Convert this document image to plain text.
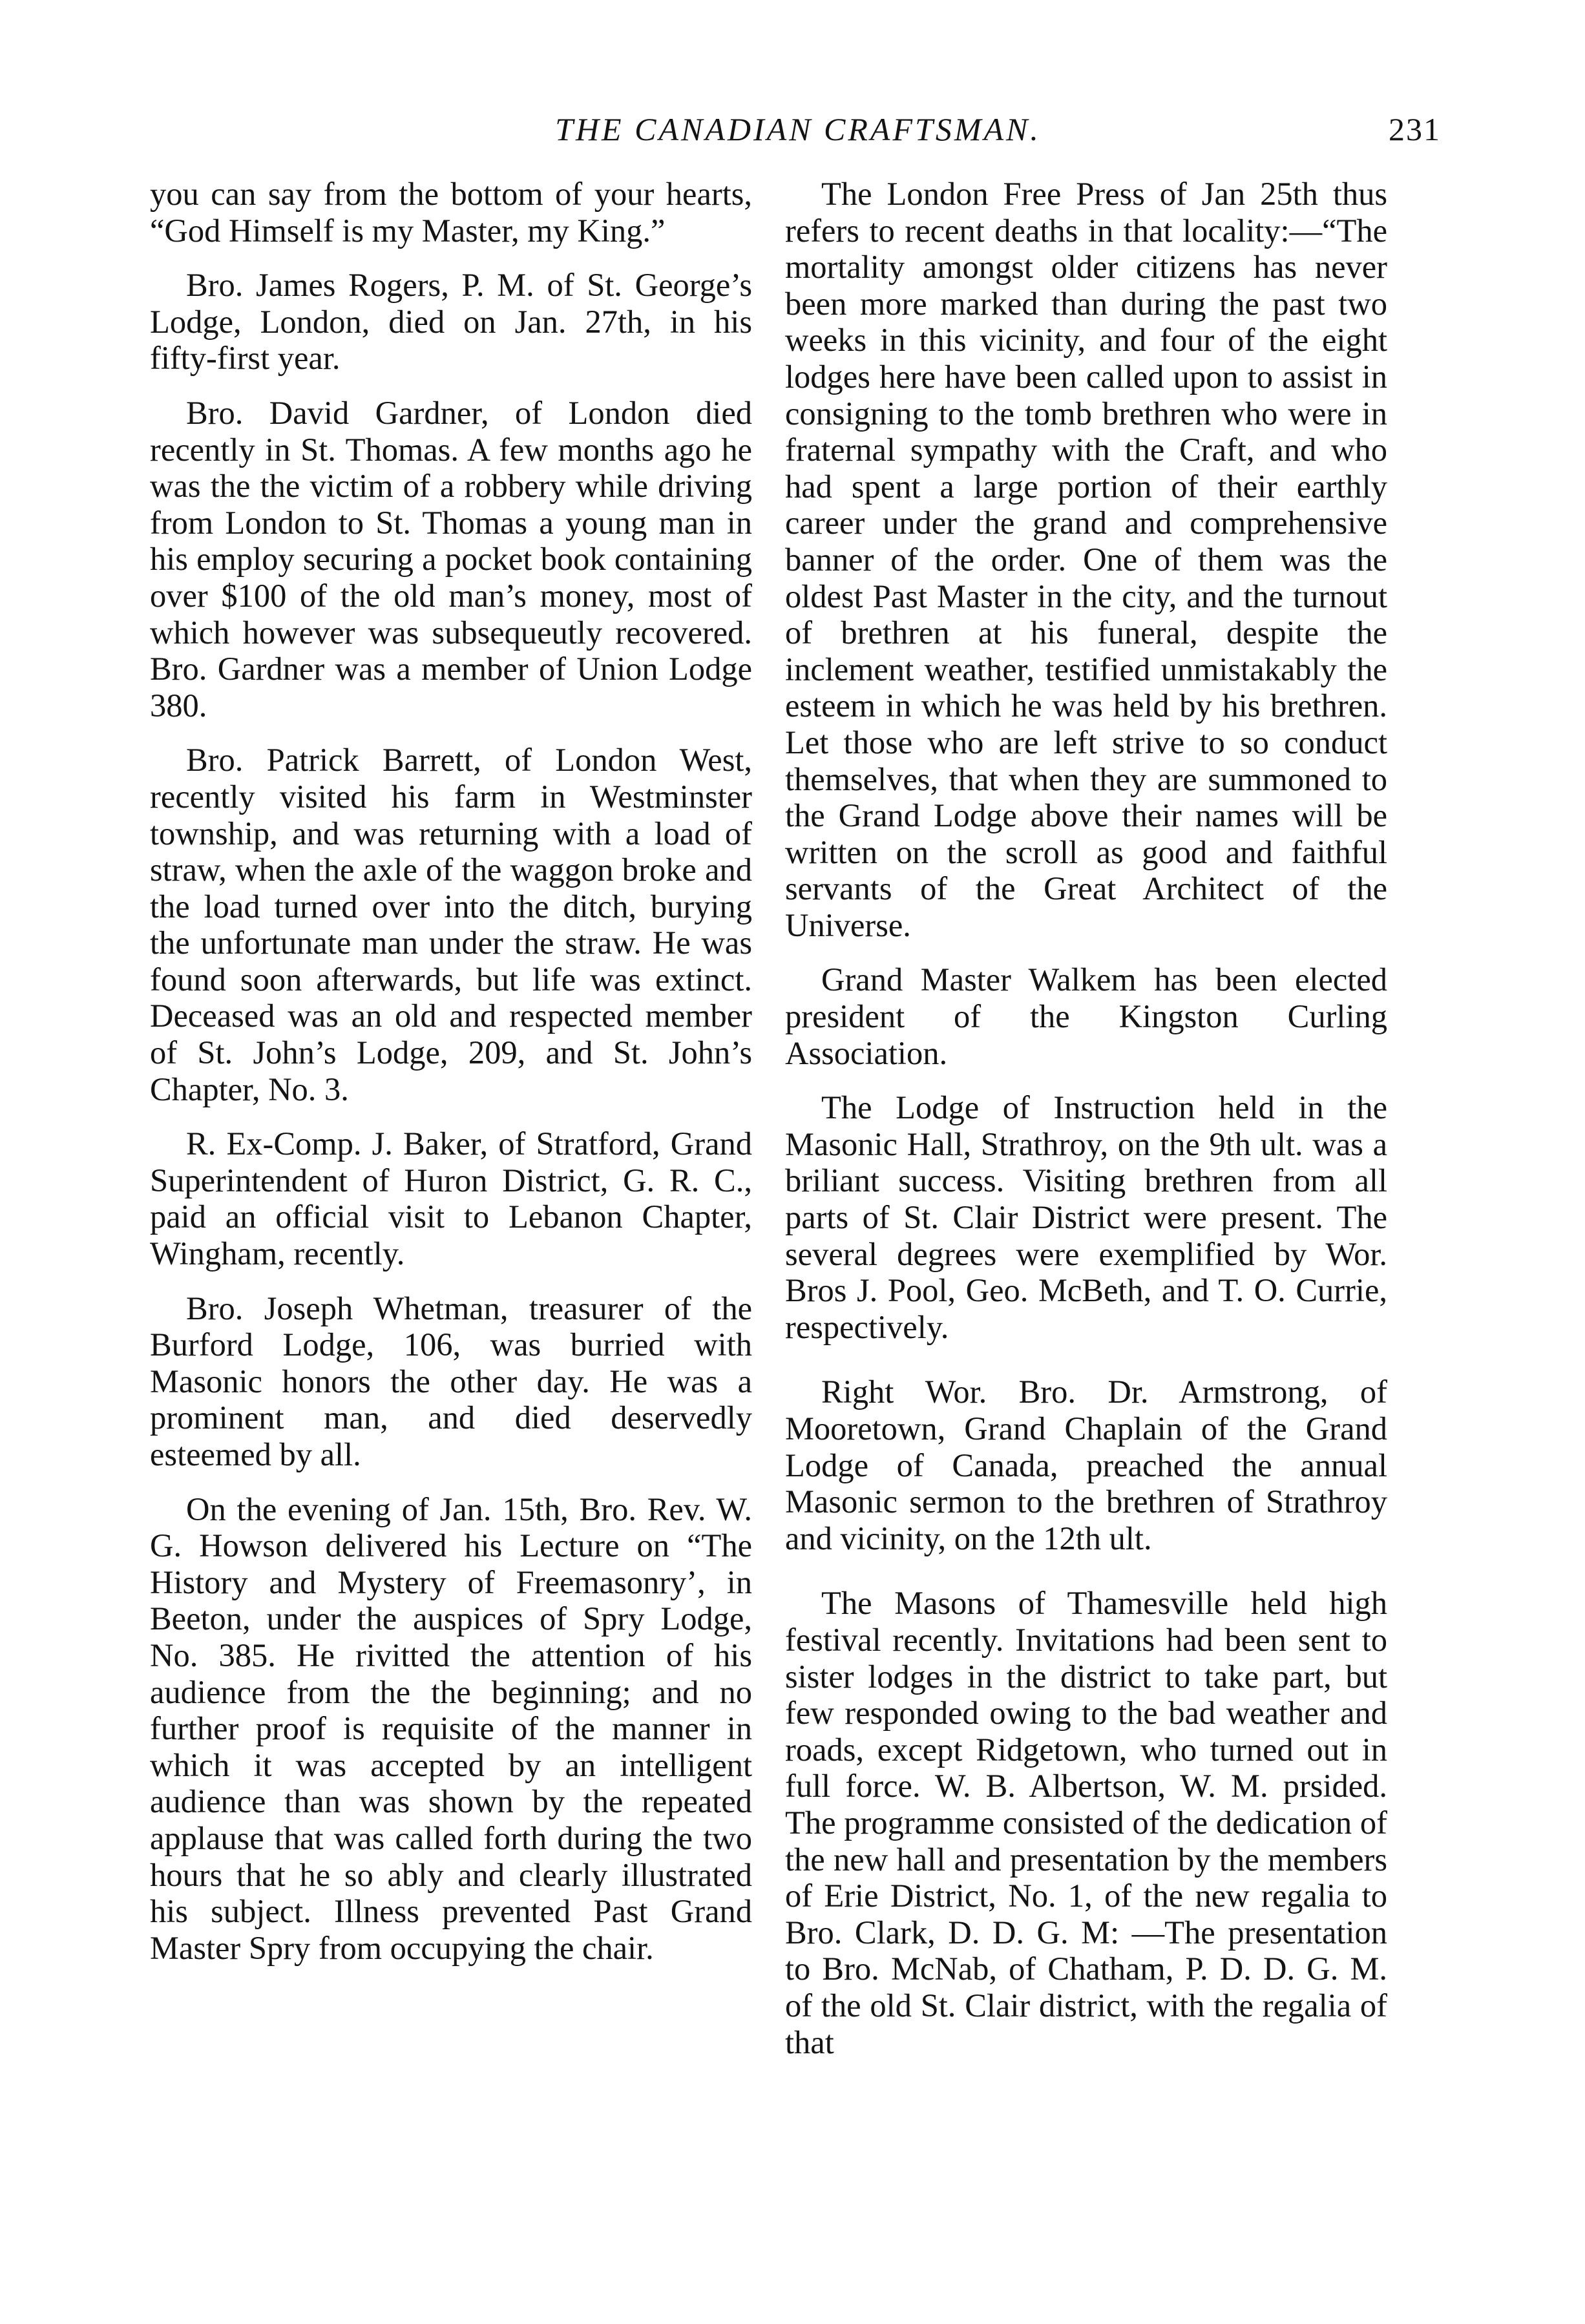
THE CANADIAN CRAFTSMAN.	231

you can say from the bottom of your hearts, “God Himself is my Master, my King.”

Bro. James Rogers, P. M. of St. George’s Lodge, London, died on Jan. 27th, in his fifty-first year.

Bro. David Gardner, of London died recently in St. Thomas. A few months ago he was the the victim of a robbery while driving from London to St. Thomas a young man in his employ securing a pocket book containing over $100 of the old man’s money, most of which however was subsequeutly recovered. Bro. Gardner was a member of Union Lodge 380.

Bro. Patrick Barrett, of London West, recently visited his farm in Westminster township, and was returning with a load of straw, when the axle of the waggon broke and the load turned over into the ditch, burying the unfortunate man under the straw. He was found soon afterwards, but life was extinct. Deceased was an old and respected member of St. John’s Lodge, 209, and St. John’s Chapter, No. 3.

R. Ex-Comp. J. Baker, of Stratford, Grand Superintendent of Huron District, G. R. C., paid an official visit to Lebanon Chapter, Wingham, recently.

Bro. Joseph Whetman, treasurer of the Burford Lodge, 106, was burried with Masonic honors the other day. He was a prominent man, and died deservedly esteemed by all.

On the evening of Jan. 15th, Bro. Rev. W. G. Howson delivered his Lecture on “The History and Mystery of Freemasonry’, in Beeton, under the auspices of Spry Lodge, No. 385. He rivitted the attention of his audience from the the beginning; and no further proof is requisite of the manner in which it was accepted by an intelligent audience than was shown by the repeated applause that was called forth during the two hours that he so ably and clearly illustrated his subject. Illness prevented Past Grand Master Spry from occupying the chair.

The London Free Press of Jan 25th thus refers to recent deaths in that locality:—“The mortality amongst older citizens has never been more marked than during the past two weeks in this vicinity, and four of the eight lodges here have been called upon to assist in consigning to the tomb brethren who were in fraternal sympathy with the Craft, and who had spent a large portion of their earthly career under the grand and comprehensive banner of the order. One of them was the oldest Past Master in the city, and the turnout of brethren at his funeral, despite the inclement weather, testified unmistakably the esteem in which he was held by his brethren. Let those who are left strive to so conduct themselves, that when they are summoned to the Grand Lodge above their names will be written on the scroll as good and faithful servants of the Great Architect of the Universe.

Grand Master Walkem has been elected president of the Kingston Curling Association.

The Lodge of Instruction held in the Masonic Hall, Strathroy, on the 9th ult. was a briliant success. Visiting brethren from all parts of St. Clair District were present. The several degrees were exemplified by Wor. Bros J. Pool, Geo. McBeth, and T. O. Currie, respectively.

Right Wor. Bro. Dr. Armstrong, of Mooretown, Grand Chaplain of the Grand Lodge of Canada, preached the annual Masonic sermon to the brethren of Strathroy and vicinity, on the 12th ult.

The Masons of Thamesville held high festival recently. Invitations had been sent to sister lodges in the district to take part, but few responded owing to the bad weather and roads, except Ridgetown, who turned out in full force. W. B. Albertson, W. M. prsided. The programme consisted of the dedication of the new hall and presentation by the members of Erie District, No. 1, of the new regalia to Bro. Clark, D. D. G. M: —The presentation to Bro. McNab, of Chatham, P. D. D. G. M. of the old St. Clair district, with the regalia of that
